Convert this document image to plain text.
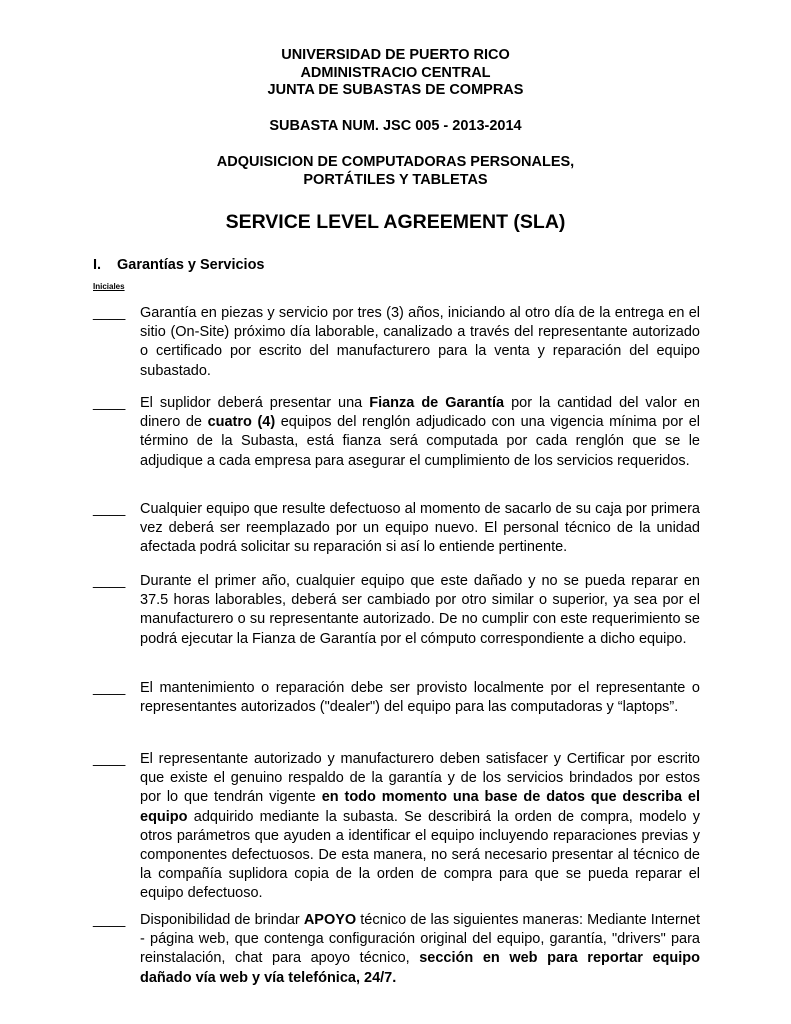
UNIVERSIDAD DE PUERTO RICO
ADMINISTRACIO CENTRAL
JUNTA DE SUBASTAS DE COMPRAS
SUBASTA NUM. JSC 005 - 2013-2014
ADQUISICION DE COMPUTADORAS PERSONALES,
PORTÁTILES Y TABLETAS
SERVICE LEVEL AGREEMENT (SLA)
I. Garantías y Servicios
Iniciales
____ Garantía en piezas y servicio por tres (3) años, iniciando al otro día de la entrega en el sitio (On-Site) próximo día laborable, canalizado a través del representante autorizado o certificado por escrito del manufacturero para la venta y reparación del equipo subastado.

____ El suplidor deberá presentar una Fianza de Garantía por la cantidad del valor en dinero de cuatro (4) equipos del renglón adjudicado con una vigencia mínima por el término de la Subasta, está fianza será computada por cada renglón que se le adjudique a cada empresa para asegurar el cumplimiento de los servicios requeridos.

____ Cualquier equipo que resulte defectuoso al momento de sacarlo de su caja por primera vez deberá ser reemplazado por un equipo nuevo. El personal técnico de la unidad afectada podrá solicitar su reparación si así lo entiende pertinente.

____ Durante el primer año, cualquier equipo que este dañado y no se pueda reparar en 37.5 horas laborables, deberá ser cambiado por otro similar o superior, ya sea por el manufacturero o su representante autorizado. De no cumplir con este requerimiento se podrá ejecutar la Fianza de Garantía por el cómputo correspondiente a dicho equipo.

____ El mantenimiento o reparación debe ser provisto localmente por el representante o representantes autorizados ("dealer") del equipo para las computadoras y “laptops”.

____ El representante autorizado y manufacturero deben satisfacer y Certificar por escrito que existe el genuino respaldo de la garantía y de los servicios brindados por estos por lo que tendrán vigente en todo momento una base de datos que describa el equipo adquirido mediante la subasta. Se describirá la orden de compra, modelo y otros parámetros que ayuden a identificar el equipo incluyendo reparaciones previas y componentes defectuosos. De esta manera, no será necesario presentar al técnico de la compañía suplidora copia de la orden de compra para que se pueda reparar el equipo defectuoso.

____ Disponibilidad de brindar APOYO técnico de las siguientes maneras: Mediante Internet - página web, que contenga configuración original del equipo, garantía, "drivers" para reinstalación, chat para apoyo técnico, sección en web para reportar equipo dañado vía web y vía telefónica, 24/7.
